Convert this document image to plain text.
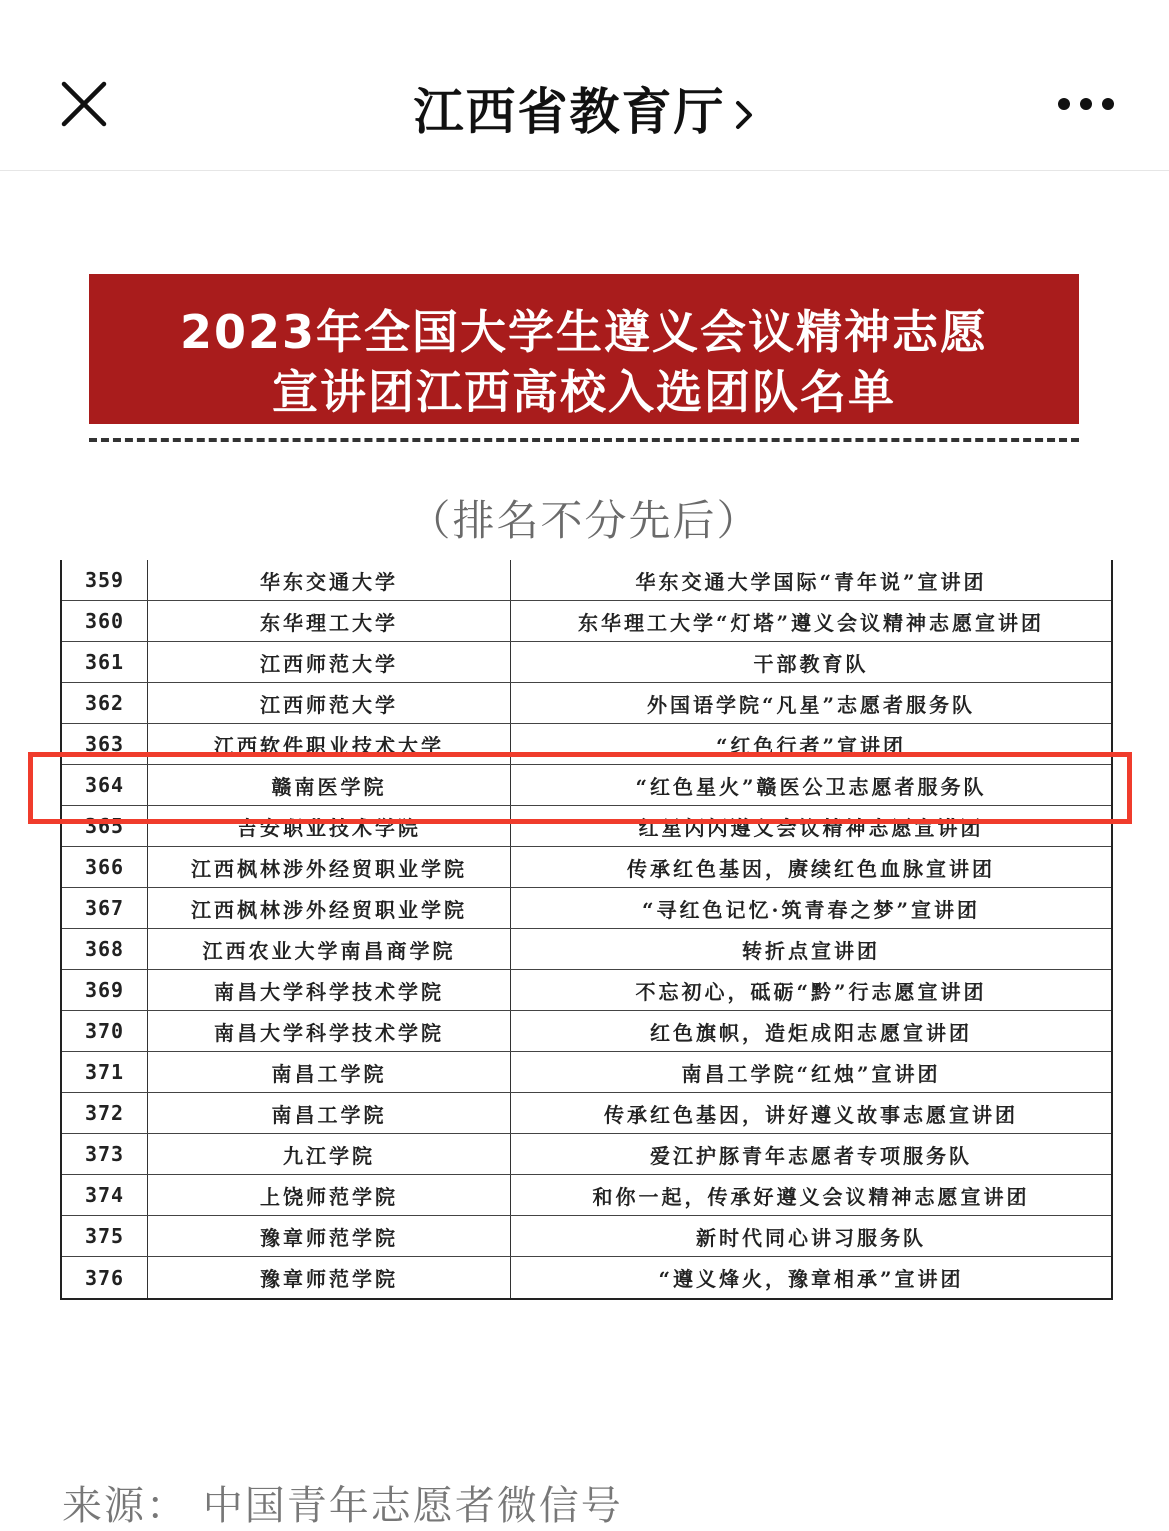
江西省教育厅
2023年全国大学生遵义会议精神志愿
宣讲团江西高校入选团队名单
（排名不分先后）
359	华东交通大学	华东交通大学国际“青年说”宣讲团
360	东华理工大学	东华理工大学“灯塔”遵义会议精神志愿宣讲团
361	江西师范大学	干部教育队
362	江西师范大学	外国语学院“凡星”志愿者服务队
363	江西软件职业技术大学	“红色行者”宣讲团
364	赣南医学院	“红色星火”赣医公卫志愿者服务队
365	吉安职业技术学院	红星闪闪遵义会议精神志愿宣讲团
366	江西枫林涉外经贸职业学院	传承红色基因，赓续红色血脉宣讲团
367	江西枫林涉外经贸职业学院	“寻红色记忆·筑青春之梦”宣讲团
368	江西农业大学南昌商学院	转折点宣讲团
369	南昌大学科学技术学院	不忘初心，砥砺“黔”行志愿宣讲团
370	南昌大学科学技术学院	红色旗帜，造炬成阳志愿宣讲团
371	南昌工学院	南昌工学院“红烛”宣讲团
372	南昌工学院	传承红色基因，讲好遵义故事志愿宣讲团
373	九江学院	爱江护豚青年志愿者专项服务队
374	上饶师范学院	和你一起，传承好遵义会议精神志愿宣讲团
375	豫章师范学院	新时代同心讲习服务队
376	豫章师范学院	“遵义烽火，豫章相承”宣讲团
来源： 中国青年志愿者微信号
